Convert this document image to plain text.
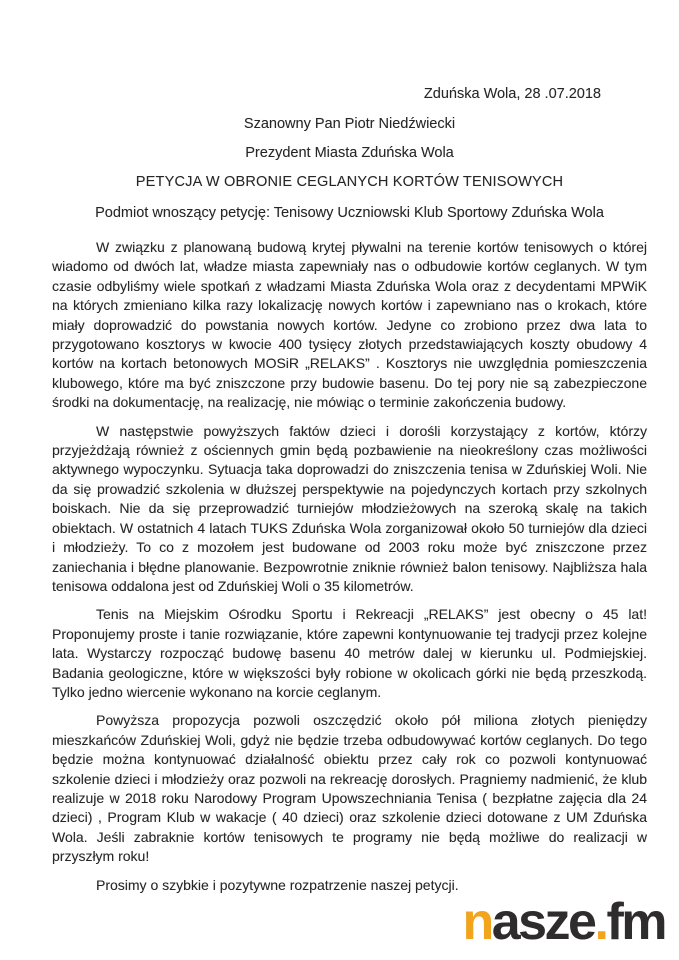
Zduńska Wola, 28 .07.2018
Szanowny Pan Piotr Niedźwiecki
Prezydent Miasta Zduńska Wola
PETYCJA W OBRONIE CEGLANYCH KORTÓW TENISOWYCH
Podmiot wnoszący petycję: Tenisowy Uczniowski Klub Sportowy Zduńska Wola

W związku z planowaną budową krytej pływalni na terenie kortów tenisowych o której wiadomo od dwóch lat, władze miasta zapewniały nas o odbudowie kortów ceglanych. W tym czasie odbyliśmy wiele spotkań z władzami Miasta Zduńska Wola oraz z decydentami MPWiK na których zmieniano kilka razy lokalizację nowych kortów i zapewniano nas o krokach, które miały doprowadzić do powstania nowych kortów. Jedyne co zrobiono przez dwa lata to przygotowano kosztorys w kwocie 400 tysięcy złotych przedstawiających koszty obudowy 4 kortów na kortach betonowych MOSiR „RELAKS” . Kosztorys nie uwzględnia pomieszczenia klubowego, które ma być zniszczone przy budowie basenu. Do tej pory nie są zabezpieczone środki na dokumentację, na realizację, nie mówiąc o terminie zakończenia budowy.

W następstwie powyższych faktów dzieci i dorośli korzystający z kortów, którzy przyjeżdżają również z ościennych gmin będą pozbawienie na nieokreślony czas możliwości aktywnego wypoczynku. Sytuacja taka doprowadzi do zniszczenia tenisa w Zduńskiej Woli. Nie da się prowadzić szkolenia w dłuższej perspektywie na pojedynczych kortach przy szkolnych boiskach. Nie da się przeprowadzić turniejów młodzieżowych na szeroką skalę na takich obiektach. W ostatnich 4 latach TUKS Zduńska Wola zorganizował około 50 turniejów dla dzieci i młodzieży. To co z mozołem jest budowane od 2003 roku może być zniszczone przez zaniechania i błędne planowanie. Bezpowrotnie zniknie również balon tenisowy. Najbliższa hala tenisowa oddalona jest od Zduńskiej Woli o 35 kilometrów.

Tenis na Miejskim Ośrodku Sportu i Rekreacji „RELAKS” jest obecny o 45 lat! Proponujemy proste i tanie rozwiązanie, które zapewni kontynuowanie tej tradycji przez kolejne lata. Wystarczy rozpocząć budowę basenu 40 metrów dalej w kierunku ul. Podmiejskiej. Badania geologiczne, które w większości były robione w okolicach górki nie będą przeszkodą. Tylko jedno wiercenie wykonano na korcie ceglanym.

Powyższa propozycja pozwoli oszczędzić około pół miliona złotych pieniędzy mieszkańców Zduńskiej Woli, gdyż nie będzie trzeba odbudowywać kortów ceglanych. Do tego będzie można kontynuować działalność obiektu przez cały rok co pozwoli kontynuować szkolenie dzieci i młodzieży oraz pozwoli na rekreację dorosłych. Pragniemy nadmienić, że klub realizuje w 2018 roku Narodowy Program Upowszechniania Tenisa ( bezpłatne zajęcia dla 24 dzieci) , Program Klub w wakacje ( 40 dzieci) oraz szkolenie dzieci dotowane z UM Zduńska Wola. Jeśli zabraknie kortów tenisowych te programy nie będą możliwe do realizacji w przyszłym roku!

Prosimy o szybkie i pozytywne rozpatrzenie naszej petycji.

nasze.fm
